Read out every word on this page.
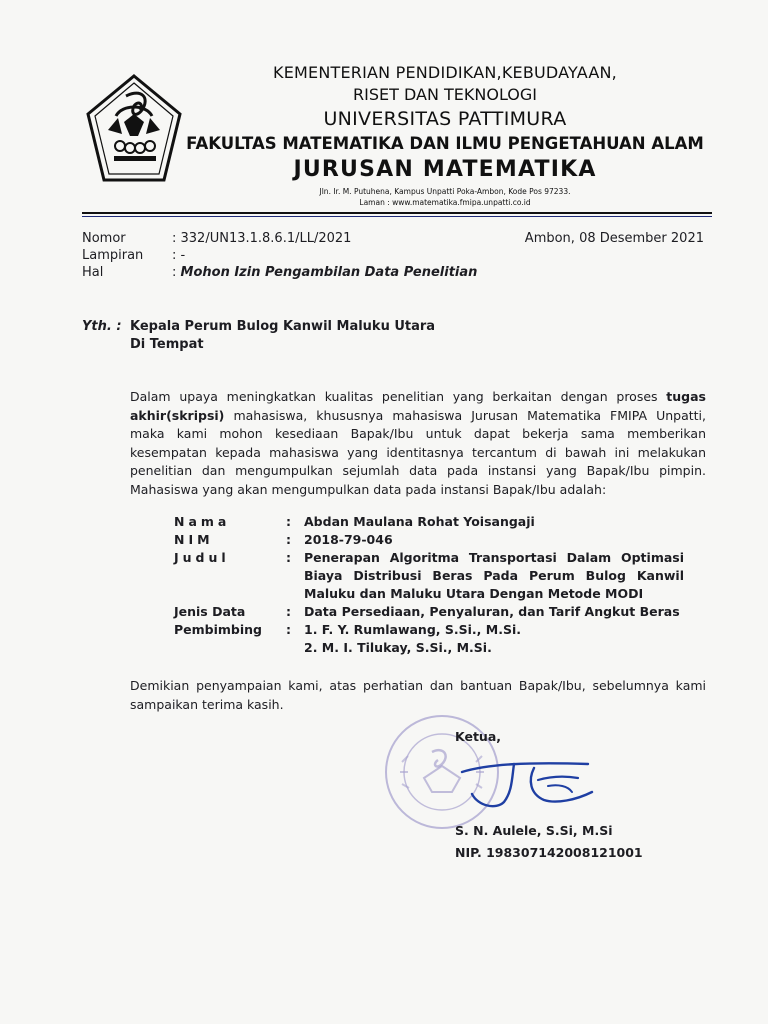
KEMENTERIAN PENDIDIKAN,KEBUDAYAAN,
RISET DAN TEKNOLOGI
UNIVERSITAS PATTIMURA
FAKULTAS MATEMATIKA DAN ILMU PENGETAHUAN ALAM
JURUSAN MATEMATIKA
Jln. Ir. M. Putuhena, Kampus Unpatti Poka-Ambon, Kode Pos 97233.
Laman : www.matematika.fmipa.unpatti.co.id
Nomor	: 332/UN13.1.8.6.1/LL/2021
Lampiran	: -
Hal	: Mohon Izin Pengambilan Data Penelitian
Ambon, 08 Desember 2021
Yth. : Kepala Perum Bulog Kanwil Maluku Utara
Di Tempat
Dalam upaya meningkatkan kualitas penelitian yang berkaitan dengan proses tugas akhir(skripsi) mahasiswa, khususnya mahasiswa Jurusan Matematika FMIPA Unpatti, maka kami mohon kesediaan Bapak/Ibu untuk dapat bekerja sama memberikan kesempatan kepada mahasiswa yang identitasnya tercantum di bawah ini melakukan penelitian dan mengumpulkan sejumlah data pada instansi yang Bapak/Ibu pimpin. Mahasiswa yang akan mengumpulkan data pada instansi Bapak/Ibu adalah:
Nama	:	Abdan Maulana Rohat Yoisangaji
NIM	:	2018-79-046
Judul	:	Penerapan Algoritma Transportasi Dalam Optimasi Biaya Distribusi Beras Pada Perum Bulog Kanwil Maluku dan Maluku Utara Dengan Metode MODI
Jenis Data	:	Data Persediaan, Penyaluran, dan Tarif Angkut Beras
Pembimbing	:	1. F. Y. Rumlawang, S.Si., M.Si.
2. M. I. Tilukay, S.Si., M.Si.
Demikian penyampaian kami, atas perhatian dan bantuan Bapak/Ibu, sebelumnya kami sampaikan terima kasih.
Ketua,
S. N. Aulele, S.Si, M.Si
NIP. 198307142008121001
